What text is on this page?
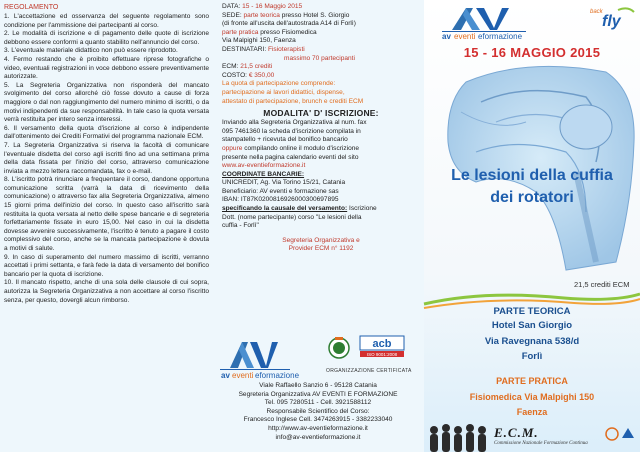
REGOLAMENTO

1. L'accettazione ed osservanza del seguente regolamento sono condizione per l'ammissione dei partecipanti al corso.

2. Le modalità di iscrizione e di pagamento delle quote di iscrizione debbono essere conformi a quanto stabilito nell'annuncio del corso.

3. L'eventuale materiale didattico non può essere riprodotto.

4. Fermo restando che è proibito effettuare riprese fotografiche o video, eventuali registrazioni in voce debbono essere preventivamente autorizzate.

5. La Segreteria Organizzativa non risponderà del mancato svolgimento del corso allorché ciò fosse dovuto a cause di forza maggiore o dal non raggiungimento del numero minimo di iscritti, o da motivi indipendenti da sue responsabilità. In tale caso la quota versata verrà restituita per intero senza interessi.

6. Il versamento della quota d'iscrizione al corso è indipendente dall'ottenimento dei Crediti Formativi del programma nazionale ECM.

7. La Segreteria Organizzativa si riserva la facoltà di comunicare l'eventuale disdetta del corso agli iscritti fino ad una settimana prima della data fissata per l'inizio del corso, attraverso comunicazione inviata a mezzo lettera raccomandata, fax o e-mail.

8. L'iscritto potrà rinunciare a frequentare il corso, dandone opportuna comunicazione scritta (varrà la data di ricevimento della comunicazione) o attraverso fax alla Segreteria Organizzativa, almeno 15 giorni prima dell'inizio del corso. In questo caso all'iscritto sarà restituita la quota versata al netto delle spese bancarie e di segreteria forfettariamente fissate in euro 15,00. Nel caso in cui la disdetta dovesse avvenire successivamente, l'iscritto è tenuto a pagare il costo complessivo del corso, anche se la mancata partecipazione è dovuta a motivi di salute.

9. In caso di superamento del numero massimo di iscritti, verranno accettati i primi settanta, e farà fede la data di versamento del bonifico bancario per la quota di iscrizione.

10. Il mancato rispetto, anche di una sola delle clausole di cui sopra, autorizza la Segreteria Organizzativa a non accettare al corso l'iscritto senza, per questo, dovergli alcun rimborso.

DATA: 15 - 16 Maggio 2015
SEDE: parte teorica presso Hotel S. Giorgio
(di fronte all'uscita dell'autostrada A14 di Forlì)
parte pratica presso Fisiomedica
Via Malpighi 150, Faenza
DESTINATARI: Fisioterapisti
massimo 70 partecipanti
ECM: 21,5 crediti
COSTO: € 350,00
La quota di partecipazione comprende:
partecipazione ai lavori didattici, dispense,
attestato di partecipazione, brunch e crediti ECM
MODALITA' D' ISCRIZIONE:
Inviando alla Segreteria Organizzativa al num. fax
095 7461360 la scheda d'iscrizione compilata in
stampatello + ricevuta del bonifico bancario
oppure compilando online il modulo d'iscrizione
presente nella pagina calendario eventi del sito
www.av-eventieformazione.it
COORDINATE BANCARIE:
UNICREDIT, Ag. Via Torino 15/21, Catania
Beneficiario: AV eventi e formazione sas
IBAN: IT87K0200816926000300697895
specificando la causale del versamento: Iscrizione
Dott. (nome partecipante) corso "Le lesioni della
cuffia - Forlì"
Segreteria Organizzativa e
Provider ECM n° 1192
av eventi eformazione
acb
ISO 9001:2008
ORGANIZZAZIONE CERTIFICATA
Viale Raffaello Sanzio 6 - 95128 Catania
Segreteria Organizzativa AV EVENTI E FORMAZIONE
Tel. 095 7280511 - Cell. 3921588112
Responsabile Scientifico del Corso:
Francesco Inglese Cell. 3474263915 - 3382233040
http://www.av-eventieformazione.it
info@av-eventieformazione.it
av eventi eformazione
back
fly
15 - 16 MAGGIO 2015
Le lesioni della cuffia
dei rotatori
21,5 crediti ECM
PARTE TEORICA
Hotel San Giorgio
Via Ravegnana 538/d
Forlì
PARTE PRATICA
Fisiomedica Via Malpighi 150
Faenza
E.C.M.
Commissione Nazionale Formazione Continua
